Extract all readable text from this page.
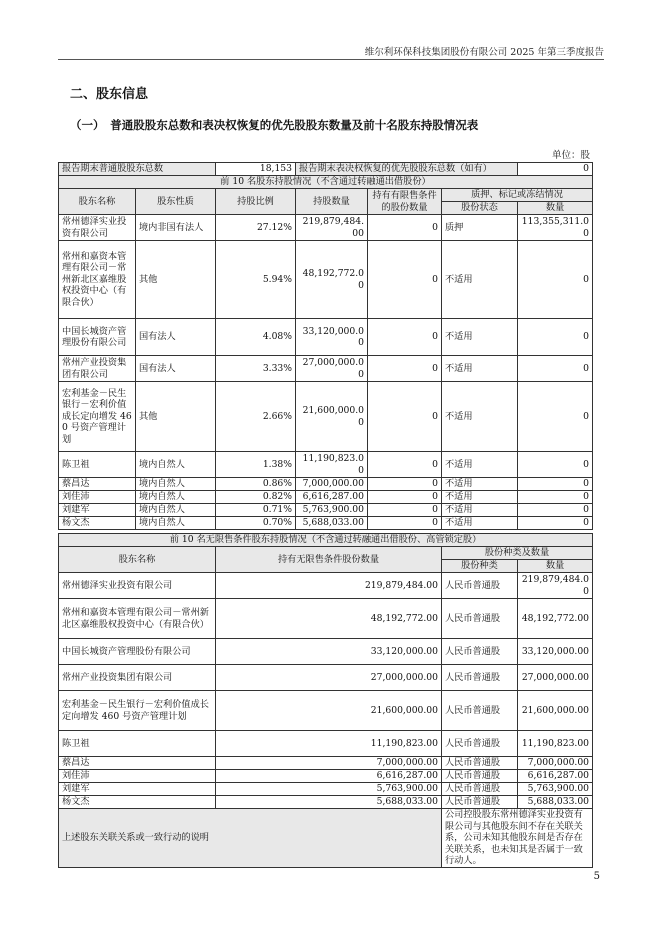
维尔利环保科技集团股份有限公司 2025 年第三季度报告
二、股东信息
（一）　普通股股东总数和表决权恢复的优先股股东数量及前十名股东持股情况表
单位：股
报告期末普通股股东总数		18,153	报告期末表决权恢复的优先股股东总数（如有）			0
前 10 名股东持股情况（不含通过转融通出借股份）						
股东名称	股东性质	持股比例	持股数量	持有有限售条件的股份数量	质押、标记或冻结情况	
					股份状态	数量
常州德泽实业投资有限公司	境内非国有法人	27.12%	219,879,484.00	0	质押	113,355,311.00
常州和嘉资本管理有限公司－常州新北区嘉维股权投资中心（有限合伙）	其他	5.94%	48,192,772.00	0	不适用	0
中国长城资产管理股份有限公司	国有法人	4.08%	33,120,000.00	0	不适用	0
常州产业投资集团有限公司	国有法人	3.33%	27,000,000.00	0	不适用	0
宏利基金－民生银行－宏利价值成长定向增发 460 号资产管理计划	其他	2.66%	21,600,000.00	0	不适用	0
陈卫祖	境内自然人	1.38%	11,190,823.00	0	不适用	0
蔡昌达	境内自然人	0.86%	7,000,000.00	0	不适用	0
刘佳沛	境内自然人	0.82%	6,616,287.00	0	不适用	0
刘建军	境内自然人	0.71%	5,763,900.00	0	不适用	0
杨文杰	境内自然人	0.70%	5,688,033.00	0	不适用	0
前 10 名无限售条件股东持股情况（不含通过转融通出借股份、高管锁定股）			
股东名称	持有无限售条件股份数量	股份种类及数量	
		股份种类	数量
常州德泽实业投资有限公司	219,879,484.00	人民币普通股	219,879,484.00
常州和嘉资本管理有限公司－常州新北区嘉维股权投资中心（有限合伙）	48,192,772.00	人民币普通股	48,192,772.00
中国长城资产管理股份有限公司	33,120,000.00	人民币普通股	33,120,000.00
常州产业投资集团有限公司	27,000,000.00	人民币普通股	27,000,000.00
宏利基金－民生银行－宏利价值成长定向增发 460 号资产管理计划	21,600,000.00	人民币普通股	21,600,000.00
陈卫祖	11,190,823.00	人民币普通股	11,190,823.00
蔡昌达	7,000,000.00	人民币普通股	7,000,000.00
刘佳沛	6,616,287.00	人民币普通股	6,616,287.00
刘建军	5,763,900.00	人民币普通股	5,763,900.00
杨文杰	5,688,033.00	人民币普通股	5,688,033.00
上述股东关联关系或一致行动的说明		公司控股股东常州德泽实业投资有限公司与其他股东间不存在关联关系，公司未知其他股东间是否存在关联关系，也未知其是否属于一致行动人。	
5
